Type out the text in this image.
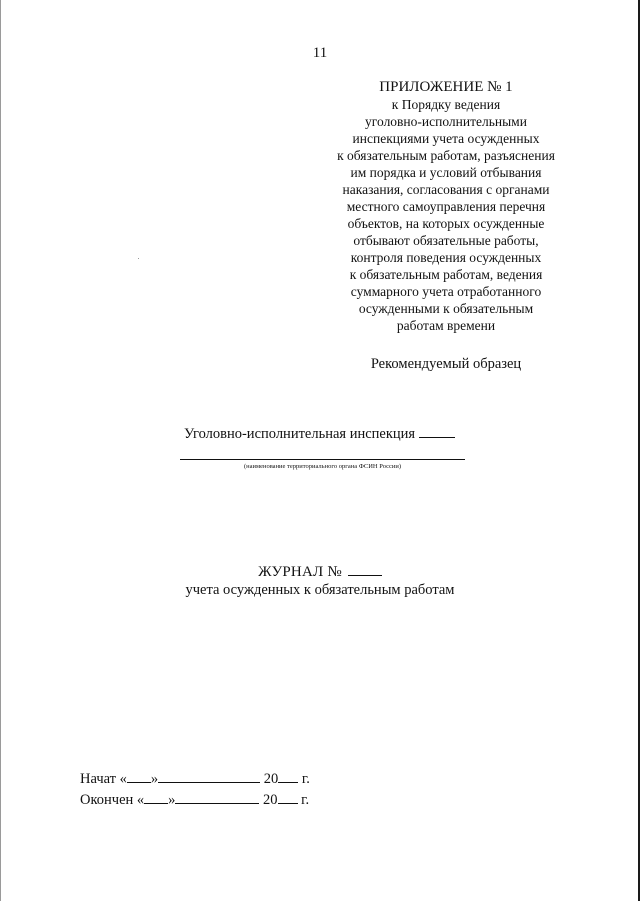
11
ПРИЛОЖЕНИЕ № 1
к Порядку ведения
уголовно-исполнительными
инспекциями учета осужденных
к обязательным работам, разъяснения
им порядка и условий отбывания
наказания, согласования с органами
местного самоуправления перечня
объектов, на которых осужденные
отбывают обязательные работы,
контроля поведения осужденных
к обязательным работам, ведения
суммарного учета отработанного
осужденными к обязательным
работам времени
Рекомендуемый образец
Уголовно-исполнительная инспекция
(наименование территориального органа ФСИН России)
ЖУРНАЛ №
учета осужденных к обязательным работам
Начат « »	20 г.
Окончен « »	20 г.
